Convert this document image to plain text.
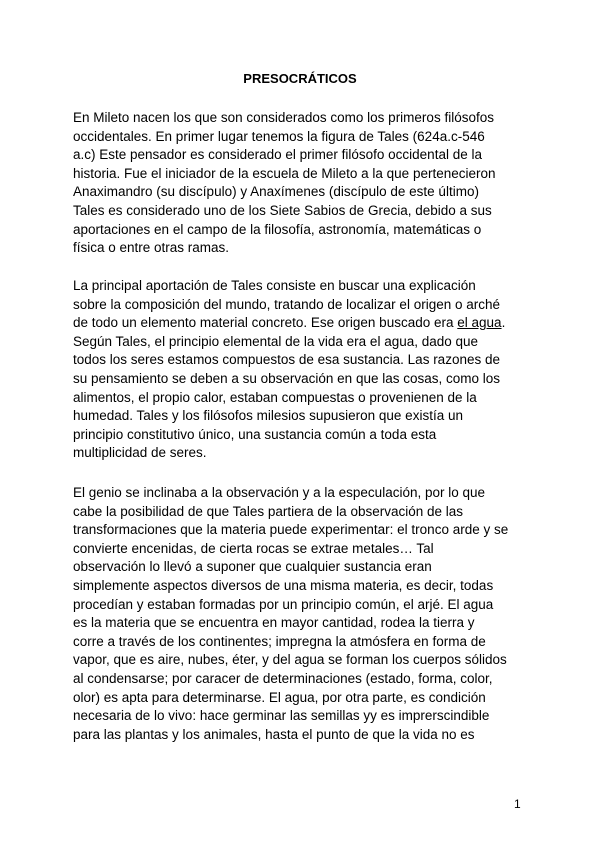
PRESOCRÁTICOS
En Mileto nacen los que son considerados como los primeros filósofos
occidentales. En primer lugar tenemos la figura de Tales (624a.c-546
a.c) Este pensador es considerado el primer filósofo occidental de la
historia. Fue el iniciador de la escuela de Mileto a la que pertenecieron
Anaximandro (su discípulo) y Anaxímenes (discípulo de este último)
Tales es considerado uno de los Siete Sabios de Grecia, debido a sus
aportaciones en el campo de la filosofía, astronomía, matemáticas o
física o entre otras ramas.
La principal aportación de Tales consiste en buscar una explicación
sobre la composición del mundo, tratando de localizar el origen o arché
de todo un elemento material concreto. Ese origen buscado era el agua.
Según Tales, el principio elemental de la vida era el agua, dado que
todos los seres estamos compuestos de esa sustancia. Las razones de
su pensamiento se deben a su observación en que las cosas, como los
alimentos, el propio calor, estaban compuestas o provenienen de la
humedad. Tales y los filósofos milesios supusieron que existía un
principio constitutivo único, una sustancia común a toda esta
multiplicidad de seres.
El genio se inclinaba a la observación y a la especulación, por lo que
cabe la posibilidad de que Tales partiera de la observación de las
transformaciones que la materia puede experimentar: el tronco arde y se
convierte encenidas, de cierta rocas se extrae metales… Tal
observación lo llevó a suponer que cualquier sustancia eran
simplemente aspectos diversos de una misma materia, es decir, todas
procedían y estaban formadas por un principio común, el arjé. El agua
es la materia que se encuentra en mayor cantidad, rodea la tierra y
corre a través de los continentes; impregna la atmósfera en forma de
vapor, que es aire, nubes, éter, y del agua se forman los cuerpos sólidos
al condensarse; por caracer de determinaciones (estado, forma, color,
olor) es apta para determinarse. El agua, por otra parte, es condición
necesaria de lo vivo: hace germinar las semillas yy es imprerscindible
para las plantas y los animales, hasta el punto de que la vida no es
1
